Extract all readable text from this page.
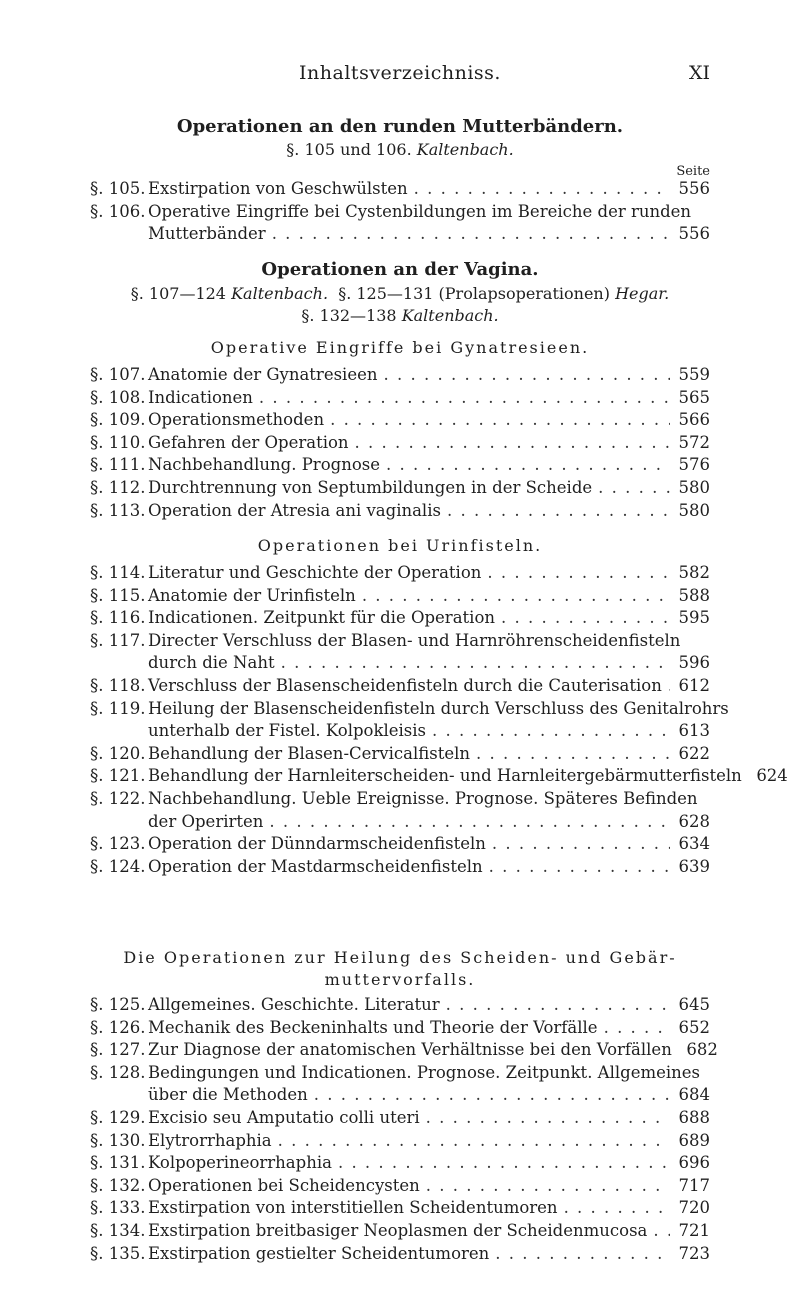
Inhaltsverzeichniss.	XI
Operationen an den runden Mutterbändern.
§. 105 und 106. Kaltenbach.
Seite
§. 105. Exstirpation von Geschwülsten . . .	556
§. 106. Operative Eingriffe bei Cystenbildungen im Bereiche der runden
Mutterbänder . . .	556
Operationen an der Vagina.
§. 107—124 Kaltenbach. §. 125—131 (Prolapsoperationen) Hegar.
§. 132—138 Kaltenbach.
Operative Eingriffe bei Gynatresieen.
§. 107. Anatomie der Gynatresieen . . .	559
§. 108. Indicationen . . .	565
§. 109. Operationsmethoden . . .	566
§. 110. Gefahren der Operation . . .	572
§. 111. Nachbehandlung. Prognose . . .	576
§. 112. Durchtrennung von Septumbildungen in der Scheide . . .	580
§. 113. Operation der Atresia ani vaginalis . . .	580
Operationen bei Urinfisteln.
§. 114. Literatur und Geschichte der Operation . . .	582
§. 115. Anatomie der Urinfisteln . . .	588
§. 116. Indicationen. Zeitpunkt für die Operation . . .	595
§. 117. Directer Verschluss der Blasen- und Harnröhrenscheidenfisteln
durch die Naht . . .	596
§. 118. Verschluss der Blasenscheidenfisteln durch die Cauterisation . . . 612
§. 119. Heilung der Blasenscheidenfisteln durch Verschluss des Genitalrohrs
unterhalb der Fistel. Kolpokleisis . . .	613
§. 120. Behandlung der Blasen-Cervicalfisteln . . .	622
§. 121. Behandlung der Harnleiterscheiden- und Harnleitergebärmutterfisteln 624
§. 122. Nachbehandlung. Ueble Ereignisse. Prognose. Späteres Befinden
der Operirten . . .	628
§. 123. Operation der Dünndarmscheidenfisteln . . .	634
§. 124. Operation der Mastdarmscheidenfisteln . . .	639
Die Operationen zur Heilung des Scheiden- und Gebär-
muttervorfalls.
§. 125. Allgemeines. Geschichte. Literatur . . .	645
§. 126. Mechanik des Beckeninhalts und Theorie der Vorfälle . . .	652
§. 127. Zur Diagnose der anatomischen Verhältnisse bei den Vorfällen 682
§. 128. Bedingungen und Indicationen. Prognose. Zeitpunkt. Allgemeines
über die Methoden . . .	684
§. 129. Excisio seu Amputatio colli uteri . . .	688
§. 130. Elytrorrhaphia . . .	689
§. 131. Kolpoperineorrhaphia . . .	696
§. 132. Operationen bei Scheidencysten . . .	717
§. 133. Exstirpation von interstitiellen Scheidentumoren . . .	720
§. 134. Exstirpation breitbasiger Neoplasmen der Scheidenmucosa . . . 721
§. 135. Exstirpation gestielter Scheidentumoren . . .	723
